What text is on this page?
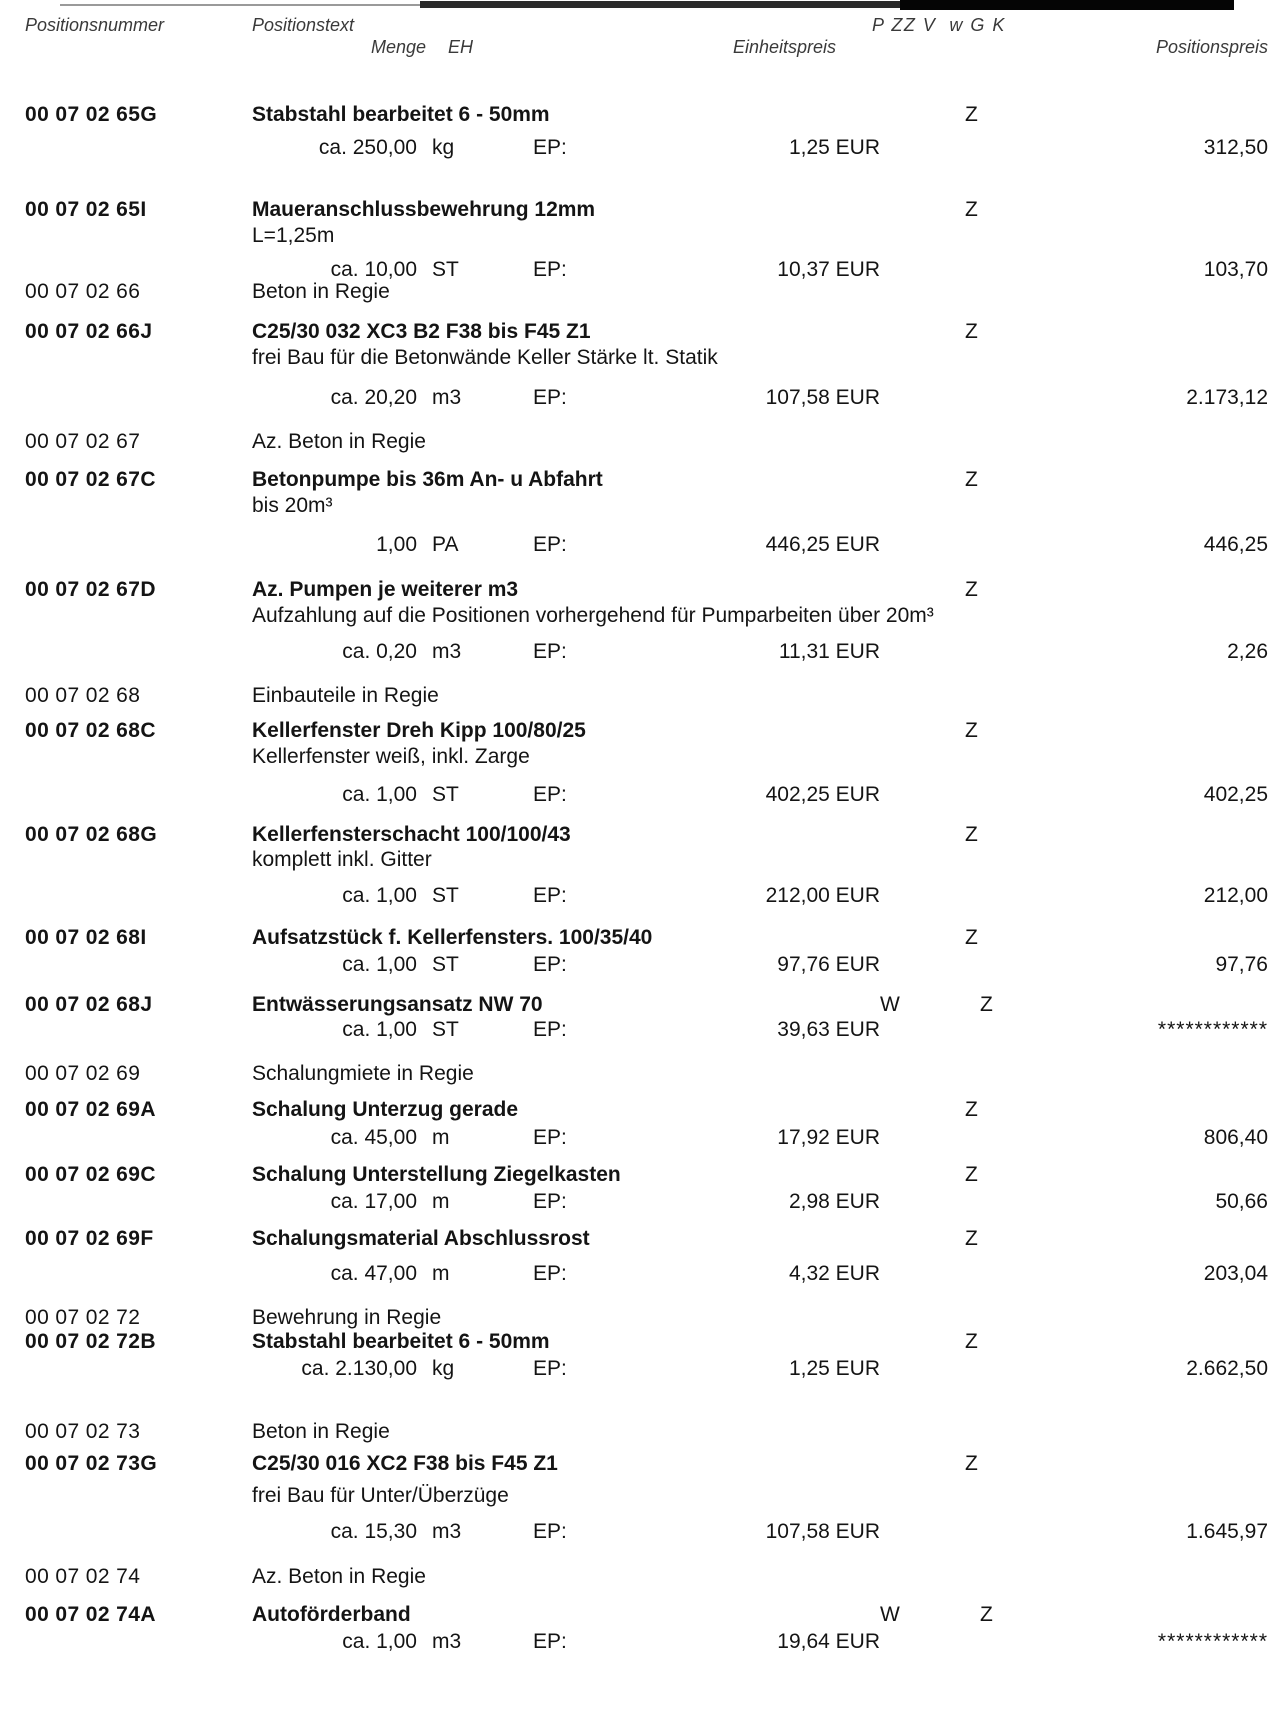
Positionsnummer	Positionstext	P ZZ V  w G K
Menge EH	Einheitspreis	Positionspreis
00 07 02 65G	Stabstahl bearbeitet 6 - 50mm	Z
ca. 250,00 kg	EP:	1,25 EUR	312,50
00 07 02 65I	Maueranschlussbewehrung 12mm	Z
L=1,25m
ca. 10,00 ST	EP:	10,37 EUR	103,70
00 07 02 66	Beton in Regie
00 07 02 66J	C25/30 032 XC3 B2 F38 bis F45 Z1	Z
frei Bau für die Betonwände Keller Stärke lt. Statik
ca. 20,20 m3	EP:	107,58 EUR	2.173,12
00 07 02 67	Az. Beton in Regie
00 07 02 67C	Betonpumpe bis 36m An- u Abfahrt	Z
bis 20m³
1,00 PA	EP:	446,25 EUR	446,25
00 07 02 67D	Az. Pumpen je weiterer m3	Z
Aufzahlung auf die Positionen vorhergehend für Pumparbeiten über 20m³
ca. 0,20 m3	EP:	11,31 EUR	2,26
00 07 02 68	Einbauteile in Regie
00 07 02 68C	Kellerfenster Dreh Kipp 100/80/25	Z
Kellerfenster weiß, inkl. Zarge
ca. 1,00 ST	EP:	402,25 EUR	402,25
00 07 02 68G	Kellerfensterschacht 100/100/43	Z
komplett inkl. Gitter
ca. 1,00 ST	EP:	212,00 EUR	212,00
00 07 02 68I	Aufsatzstück f. Kellerfensters. 100/35/40	Z
ca. 1,00 ST	EP:	97,76 EUR	97,76
00 07 02 68J	Entwässerungsansatz NW 70	W	Z
ca. 1,00 ST	EP:	39,63 EUR	************
00 07 02 69	Schalungmiete in Regie
00 07 02 69A	Schalung Unterzug gerade	Z
ca. 45,00 m	EP:	17,92 EUR	806,40
00 07 02 69C	Schalung Unterstellung Ziegelkasten	Z
ca. 17,00 m	EP:	2,98 EUR	50,66
00 07 02 69F	Schalungsmaterial Abschlussrost	Z
ca. 47,00 m	EP:	4,32 EUR	203,04
00 07 02 72	Bewehrung in Regie
00 07 02 72B	Stabstahl bearbeitet 6 - 50mm	Z
ca. 2.130,00 kg	EP:	1,25 EUR	2.662,50
00 07 02 73	Beton in Regie
00 07 02 73G	C25/30 016 XC2 F38 bis F45 Z1	Z
frei Bau für Unter/Überzüge
ca. 15,30 m3	EP:	107,58 EUR	1.645,97
00 07 02 74	Az. Beton in Regie
00 07 02 74A	Autoförderband	W	Z
ca. 1,00 m3	EP:	19,64 EUR	************
